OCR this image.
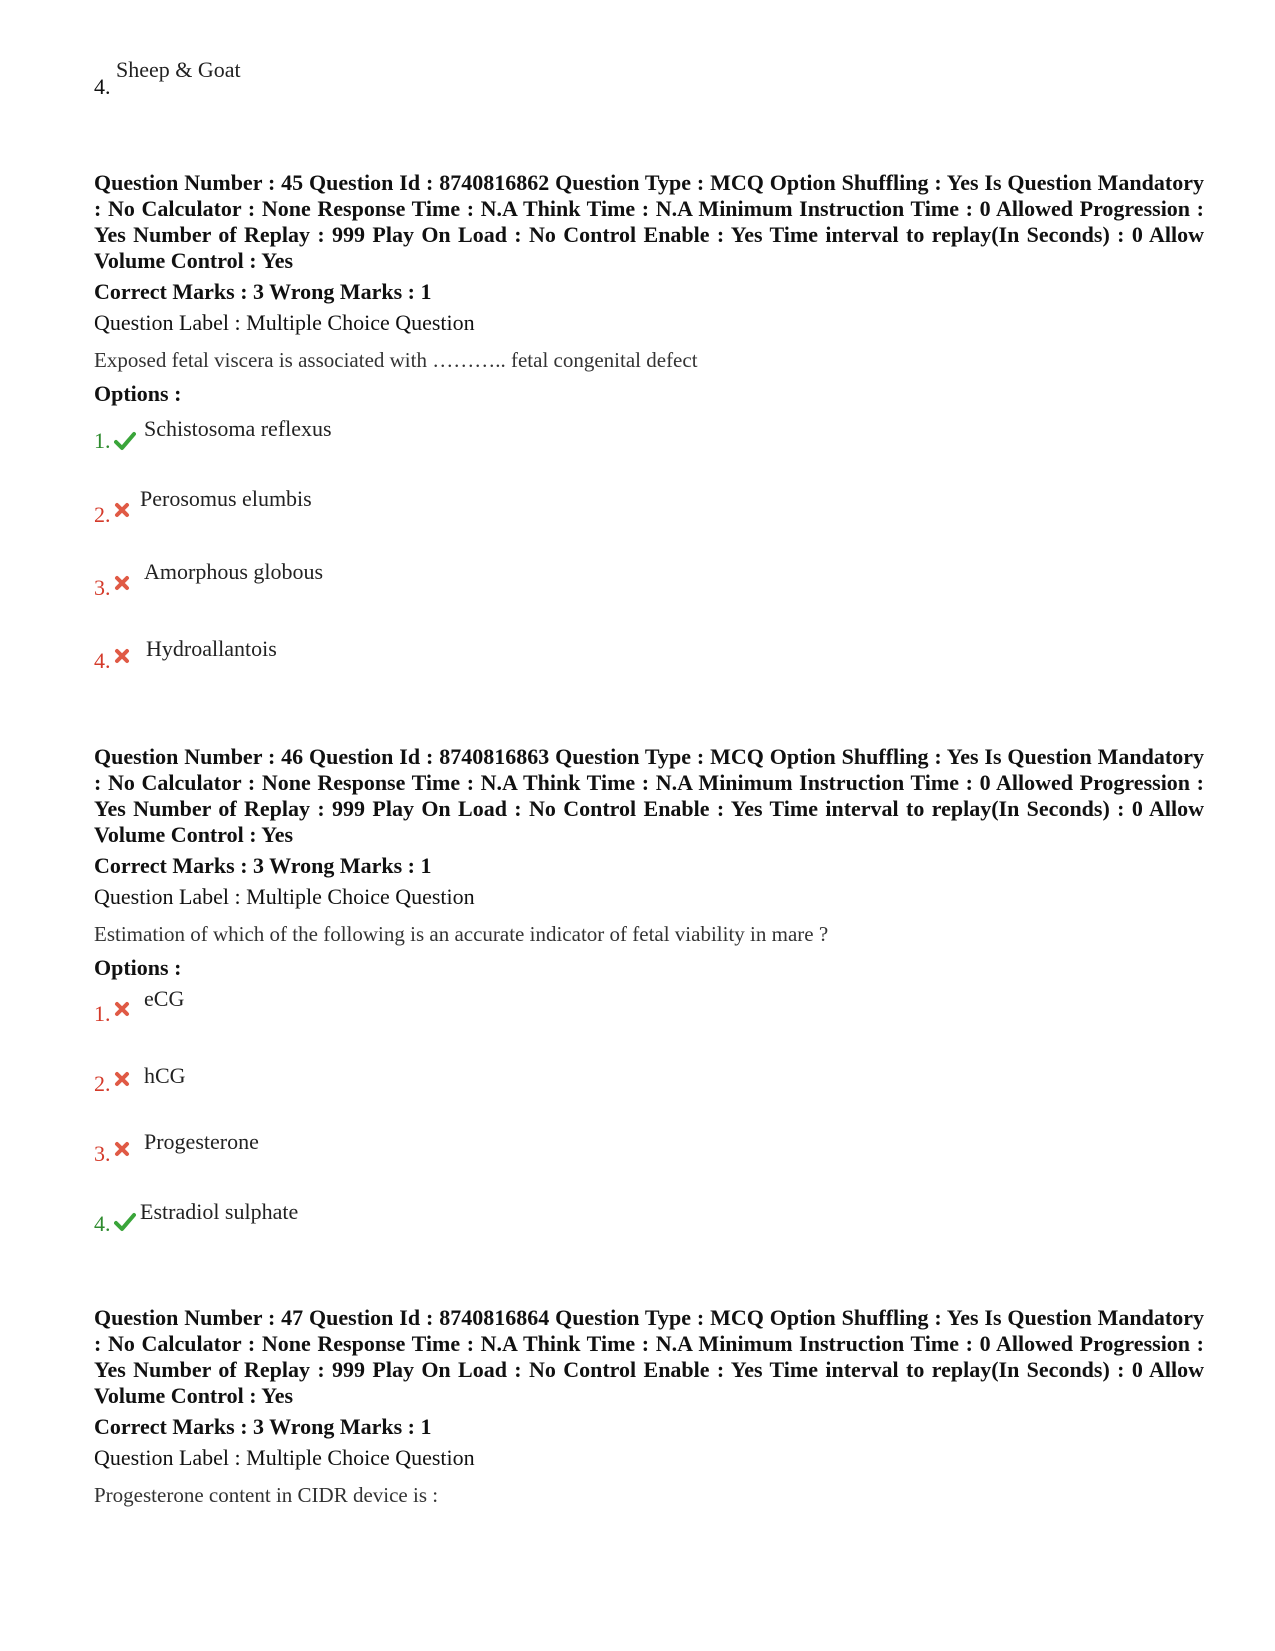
4.
Sheep & Goat

Question Number : 45 Question Id : 8740816862 Question Type : MCQ Option Shuffling : Yes Is Question Mandatory : No Calculator : None Response Time : N.A Think Time : N.A Minimum Instruction Time : 0 Allowed Progression : Yes Number of Replay : 999 Play On Load : No Control Enable : Yes Time interval to replay(In Seconds) : 0 Allow Volume Control : Yes

Correct Marks : 3 Wrong Marks : 1

Question Label : Multiple Choice Question

Exposed fetal viscera is associated with ……….. fetal congenital defect

Options :

1. Schistosoma reflexus
2.
Perosomus elumbis
3.
Amorphous globous
4. Hydroallantois

Question Number : 46 Question Id : 8740816863 Question Type : MCQ Option Shuffling : Yes Is Question Mandatory : No Calculator : None Response Time : N.A Think Time : N.A Minimum Instruction Time : 0 Allowed Progression : Yes Number of Replay : 999 Play On Load : No Control Enable : Yes Time interval to replay(In Seconds) : 0 Allow Volume Control : Yes

Correct Marks : 3 Wrong Marks : 1

Question Label : Multiple Choice Question

Estimation of which of the following is an accurate indicator of fetal viability in mare ?

Options :

1.
eCG
2. hCG
3. Progesterone
4. Estradiol sulphate

Question Number : 47 Question Id : 8740816864 Question Type : MCQ Option Shuffling : Yes Is Question Mandatory : No Calculator : None Response Time : N.A Think Time : N.A Minimum Instruction Time : 0 Allowed Progression : Yes Number of Replay : 999 Play On Load : No Control Enable : Yes Time interval to replay(In Seconds) : 0 Allow Volume Control : Yes

Correct Marks : 3 Wrong Marks : 1

Question Label : Multiple Choice Question

Progesterone content in CIDR device is :
